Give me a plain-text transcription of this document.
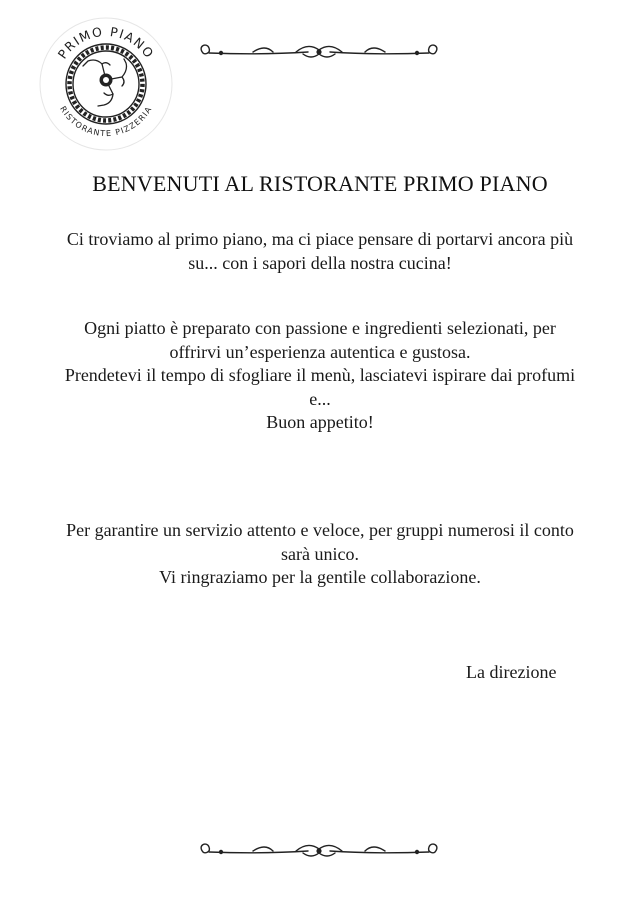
PRIMO PIANO
RISTORANTE PIZZERIA
BENVENUTI AL RISTORANTE PRIMO PIANO
Ci troviamo al primo piano, ma ci piace pensare di portarvi ancora più
su... con i sapori della nostra cucina!
Ogni piatto è preparato con passione e ingredienti selezionati, per
offrirvi un’esperienza autentica e gustosa.
Prendetevi il tempo di sfogliare il menù, lasciatevi ispirare dai profumi
e...
Buon appetito!
Per garantire un servizio attento e veloce, per gruppi numerosi il conto
sarà unico.
Vi ringraziamo per la gentile collaborazione.
La direzione
